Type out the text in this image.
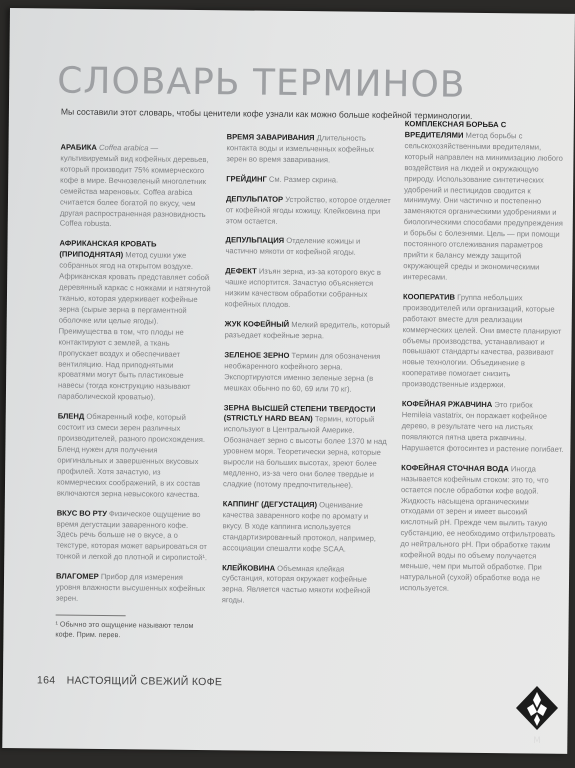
СЛОВАРЬ ТЕРМИНОВ

Мы составили этот словарь, чтобы ценители кофе узнали как можно больше кофейной терминологии.

АРАБИКА Coffea arabica — культивируемый вид кофейных деревьев, который производит 75% коммерческого кофе в мире. Вечнозеленый многолетник семейства мареновых. Coffea arabica считается более богатой по вкусу, чем другая распространенная разновидность Coffea robusta.

АФРИКАНСКАЯ КРОВАТЬ (ПРИПОДНЯТАЯ) Метод сушки уже собранных ягод на открытом воздухе. Африканская кровать представляет собой деревянный каркас с ножками и натянутой тканью, которая удерживает кофейные зерна (сырые зерна в пергаментной оболочке или целые ягоды). Преимущества в том, что плоды не контактируют с землей, а ткань пропускает воздух и обеспечивает вентиляцию. Над приподнятыми кроватями могут быть пластиковые навесы (тогда конструкцию называют параболической кроватью).

БЛЕНД Обжаренный кофе, который состоит из смеси зерен различных производителей, разного происхождения. Бленд нужен для получения оригинальных и завершенных вкусовых профилей. Хотя зачастую, из коммерческих соображений, в их состав включаются зерна невысокого качества.

ВКУС ВО РТУ Физическое ощущение во время дегустации заваренного кофе. Здесь речь больше не о вкусе, а о текстуре, которая может варьироваться от тонкой и легкой до плотной и сиропистой¹.

ВЛАГОМЕР Прибор для измерения уровня влажности высушенных кофейных зерен.

¹ Обычно это ощущение называют телом кофе. Прим. перев.

ВРЕМЯ ЗАВАРИВАНИЯ Длительность контакта воды и измельченных кофейных зерен во время заваривания.

ГРЕЙДИНГ См. Размер скрина.

ДЕПУЛЬПАТОР Устройство, которое отделяет от кофейной ягоды кожицу. Клейковина при этом остается.

ДЕПУЛЬПАЦИЯ Отделение кожицы и частично мякоти от кофейной ягоды.

ДЕФЕКТ Изъян зерна, из-за которого вкус в чашке испортится. Зачастую объясняется низким качеством обработки собранных кофейных плодов.

ЖУК КОФЕЙНЫЙ Мелкий вредитель, который разъедает кофейные зерна.

ЗЕЛЕНОЕ ЗЕРНО Термин для обозначения необжаренного кофейного зерна. Экспортируются именно зеленые зерна (в мешках обычно по 60, 69 или 70 кг).

ЗЕРНА ВЫСШЕЙ СТЕПЕНИ ТВЕРДОСТИ (STRICTLY HARD BEAN) Термин, который используют в Центральной Америке. Обозначает зерно с высоты более 1370 м над уровнем моря. Теоретически зерна, которые выросли на больших высотах, зреют более медленно, из-за чего они более твердые и сладкие (потому предпочтительнее).

КАППИНГ (ДЕГУСТАЦИЯ) Оценивание качества заваренного кофе по аромату и вкусу. В ходе каппинга используется стандартизированный протокол, например, ассоциации спешалти кофе SCAA.

КЛЕЙКОВИНА Объемная клейкая субстанция, которая окружает кофейные зерна. Является частью мякоти кофейной ягоды.

КОМПЛЕКСНАЯ БОРЬБА С ВРЕДИТЕЛЯМИ Метод борьбы с сельскохозяйственными вредителями, который направлен на минимизацию любого воздействия на людей и окружающую природу. Использование синтетических удобрений и пестицидов сводится к минимуму. Они частично и постепенно заменяются органическими удобрениями и биологическими способами предупреждения и борьбы с болезнями. Цель — при помощи постоянного отслеживания параметров прийти к балансу между защитой окружающей среды и экономическими интересами.

КООПЕРАТИВ Группа небольших производителей или организаций, которые работают вместе для реализации коммерческих целей. Они вместе планируют объемы производства, устанавливают и повышают стандарты качества, развивают новые технологии. Объединение в кооперативе помогает снизить производственные издержки.

КОФЕЙНАЯ РЖАВЧИНА Это грибок Hemileia vastatrix, он поражает кофейное дерево, в результате чего на листьях появляются пятна цвета ржавчины. Нарушается фотосинтез и растение погибает.

КОФЕЙНАЯ СТОЧНАЯ ВОДА Иногда называется кофейным стоком: это то, что остается после обработки кофе водой. Жидкость насыщена органическими отходами от зерен и имеет высокий кислотный pH. Прежде чем вылить такую субстанцию, ее необходимо отфильтровать до нейтрального pH. При обработке таким кофейной воды по объему получается меньше, чем при мытой обработке. При натуральной (сухой) обработке вода не используется.

164 НАСТОЯЩИЙ СВЕЖИЙ КОФЕ
М
